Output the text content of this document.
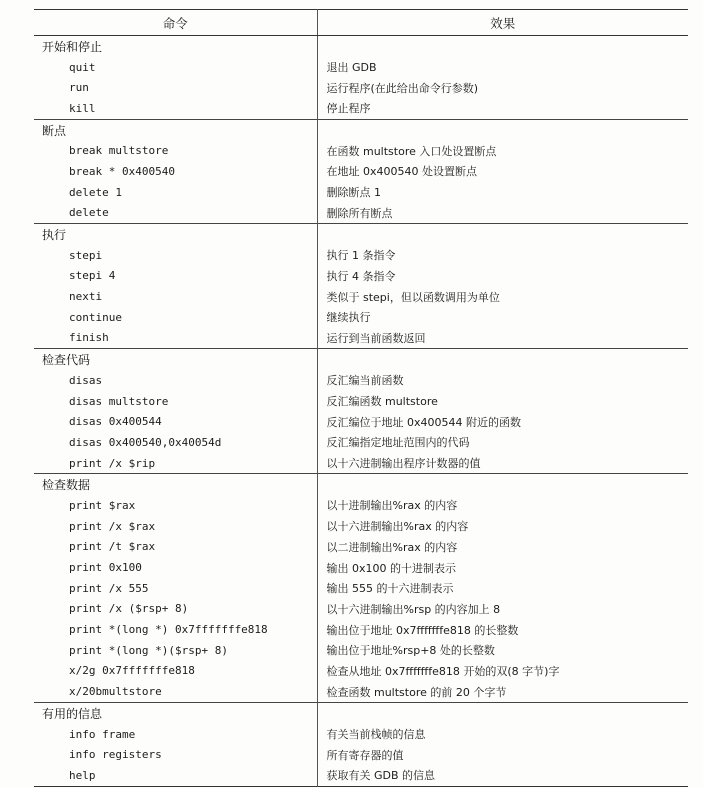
命令	效果
开始和停止	
quit	退出 GDB
run	运行程序(在此给出命令行参数)
kill	停止程序
断点	
break multstore	在函数 multstore 入口处设置断点
break * 0x400540	在地址 0x400540 处设置断点
delete 1	删除断点 1
delete	删除所有断点
执行	
stepi	执行 1 条指令
stepi 4	执行 4 条指令
nexti	类似于 stepi，但以函数调用为单位
continue	继续执行
finish	运行到当前函数返回
检查代码	
disas	反汇编当前函数
disas multstore	反汇编函数 multstore
disas 0x400544	反汇编位于地址 0x400544 附近的函数
disas 0x400540,0x40054d	反汇编指定地址范围内的代码
print /x $rip	以十六进制输出程序计数器的值
检查数据	
print $rax	以十进制输出%rax 的内容
print /x $rax	以十六进制输出%rax 的内容
print /t $rax	以二进制输出%rax 的内容
print 0x100	输出 0x100 的十进制表示
print /x 555	输出 555 的十六进制表示
print /x ($rsp+ 8)	以十六进制输出%rsp 的内容加上 8
print *(long *) 0x7fffffffe818	输出位于地址 0x7fffffffe818 的长整数
print *(long *)($rsp+ 8)	输出位于地址%rsp+8 处的长整数
x/2g 0x7fffffffe818	检查从地址 0x7fffffffe818 开始的双(8 字节)字
x/20bmultstore	检查函数 multstore 的前 20 个字节
有用的信息	
info frame	有关当前栈帧的信息
info registers	所有寄存器的值
help	获取有关 GDB 的信息
